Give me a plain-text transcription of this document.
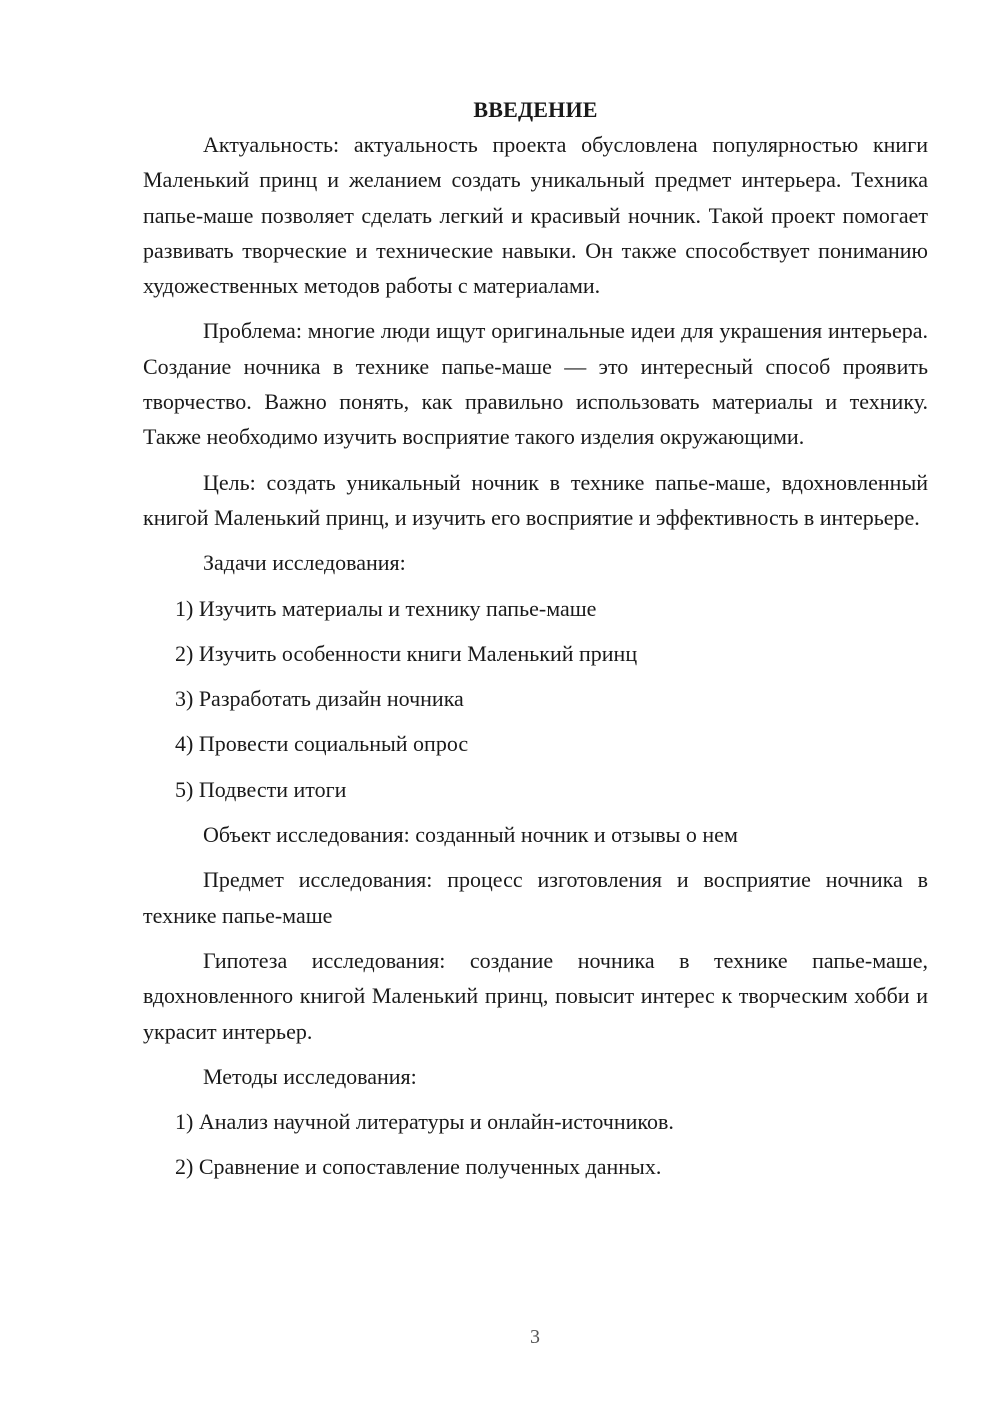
ВВЕДЕНИЕ

Актуальность: актуальность проекта обусловлена популярностью книги Маленький принц и желанием создать уникальный предмет интерьера. Техника папье-маше позволяет сделать легкий и красивый ночник. Такой проект помогает развивать творческие и технические навыки. Он также способствует пониманию художественных методов работы с материалами.

Проблема: многие люди ищут оригинальные идеи для украшения интерьера. Создание ночника в технике папье-маше — это интересный способ проявить творчество. Важно понять, как правильно использовать материалы и технику. Также необходимо изучить восприятие такого изделия окружающими.

Цель: создать уникальный ночник в технике папье-маше, вдохновленный книгой Маленький принц, и изучить его восприятие и эффективность в интерьере.

Задачи исследования:
1) Изучить материалы и технику папье-маше
2) Изучить особенности книги Маленький принц
3) Разработать дизайн ночника
4) Провести социальный опрос
5) Подвести итоги

Объект исследования: созданный ночник и отзывы о нем

Предмет исследования: процесс изготовления и восприятие ночника в технике папье-маше

Гипотеза исследования: создание ночника в технике папье-маше, вдохновленного книгой Маленький принц, повысит интерес к творческим хобби и украсит интерьер.

Методы исследования:
1) Анализ научной литературы и онлайн-источников.
2) Сравнение и сопоставление полученных данных.
3
